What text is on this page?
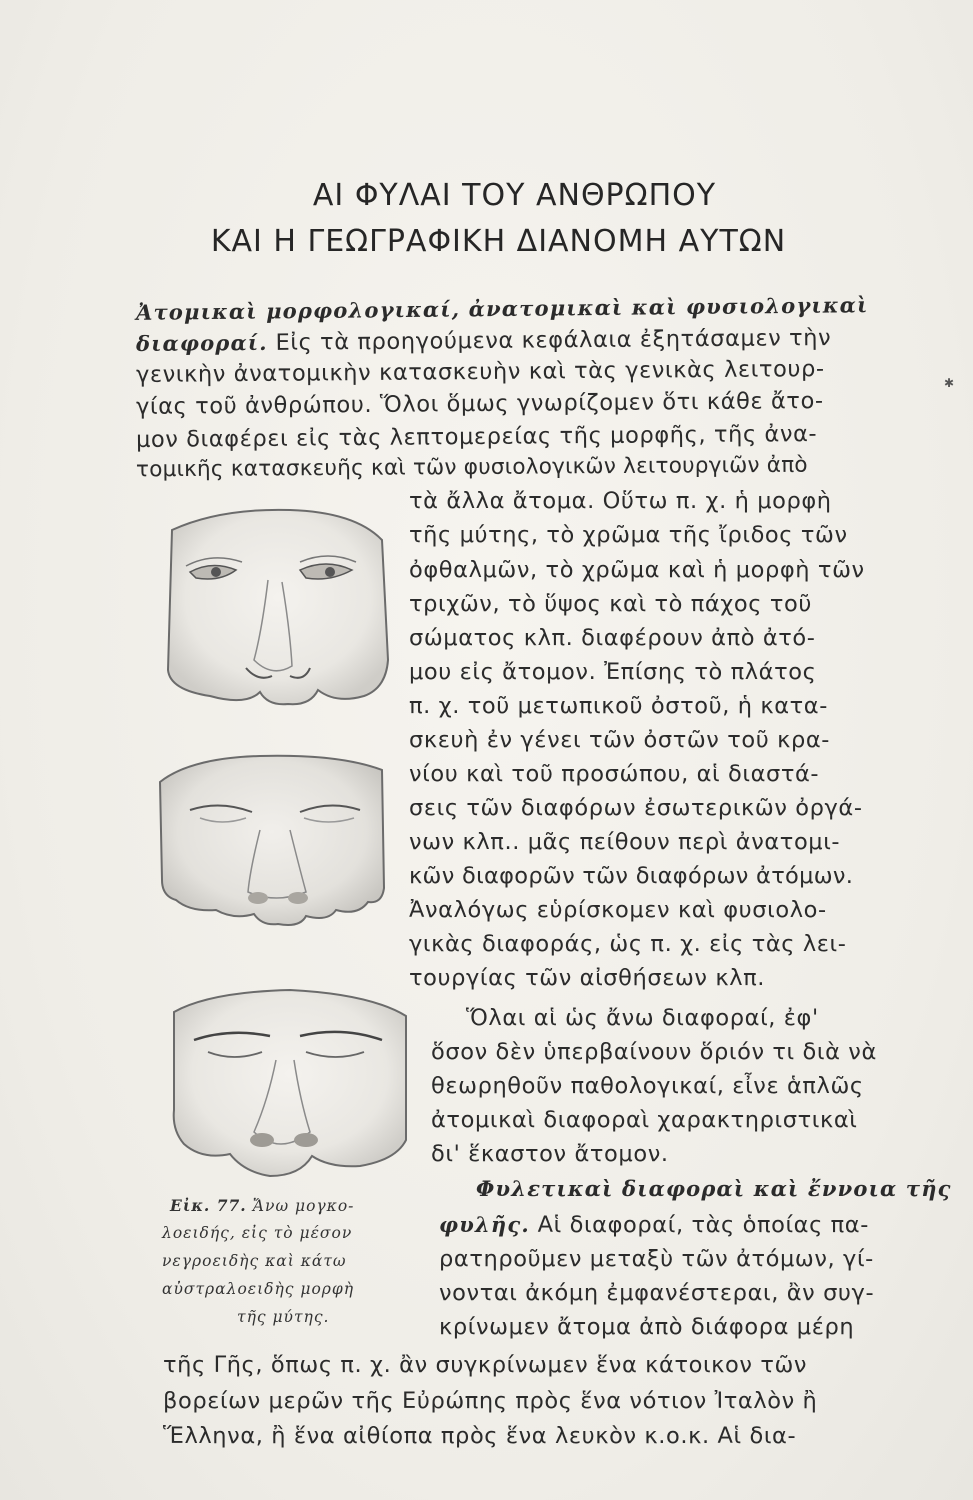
ΑΙ ΦΥΛΑΙ ΤΟΥ ΑΝΘΡΩΠΟΥ
ΚΑΙ Η ΓΕΩΓΡΑΦΙΚΗ ΔΙΑΝΟΜΗ ΑΥΤΩΝ
Ἀτομικαὶ μορφολογικαί, ἀνατομικαὶ καὶ φυσιολογικαὶ
διαφοραί. Εἰς τὰ προηγούμενα κεφάλαια ἐξητάσαμεν τὴν
γενικὴν ἀνατομικὴν κατασκευὴν καὶ τὰς γενικὰς λειτουρ-
γίας τοῦ ἀνθρώπου. Ὅλοι ὅμως γνωρίζομεν ὅτι κάθε ἄτο-
μον διαφέρει εἰς τὰς λεπτομερείας τῆς μορφῆς, τῆς ἀνα-
τομικῆς κατασκευῆς καὶ τῶν φυσιολογικῶν λειτουργιῶν ἀπὸ
τὰ ἄλλα ἄτομα. Οὕτω π. χ. ἡ μορφὴ
τῆς μύτης, τὸ χρῶμα τῆς ἴριδος τῶν
ὀφθαλμῶν, τὸ χρῶμα καὶ ἡ μορφὴ τῶν
τριχῶν, τὸ ὕψος καὶ τὸ πάχος τοῦ
σώματος κλπ. διαφέρουν ἀπὸ ἀτό-
μου εἰς ἄτομον. Ἐπίσης τὸ πλάτος
π. χ. τοῦ μετωπικοῦ ὀστοῦ, ἡ κατα-
σκευὴ ἐν γένει τῶν ὀστῶν τοῦ κρα-
νίου καὶ τοῦ προσώπου, αἱ διαστά-
σεις τῶν διαφόρων ἐσωτερικῶν ὀργά-
νων κλπ.. μᾶς πείθουν περὶ ἀνατομι-
κῶν διαφορῶν τῶν διαφόρων ἀτόμων.
Ἀναλόγως εὑρίσκομεν καὶ φυσιολο-
γικὰς διαφοράς, ὡς π. χ. εἰς τὰς λει-
τουργίας τῶν αἰσθήσεων κλπ.
Ὅλαι αἱ ὡς ἄνω διαφοραί, ἐφ'
ὅσον δὲν ὑπερβαίνουν ὅριόν τι διὰ νὰ
θεωρηθοῦν παθολογικαί, εἶνε ἁπλῶς
ἀτομικαὶ διαφοραὶ χαρακτηριστικαὶ
δι' ἕκαστον ἄτομον.
Φυλετικαὶ διαφοραὶ καὶ ἔννοια τῆς
φυλῆς. Αἱ διαφοραί, τὰς ὁποίας πα-
ρατηροῦμεν μεταξὺ τῶν ἀτόμων, γί-
νονται ἀκόμη ἐμφανέστεραι, ἂν συγ-
κρίνωμεν ἄτομα ἀπὸ διάφορα μέρη
τῆς Γῆς, ὅπως π. χ. ἂν συγκρίνωμεν ἕνα κάτοικον τῶν
βορείων μερῶν τῆς Εὐρώπης πρὸς ἕνα νότιον Ἰταλὸν ἢ
Ἕλληνα, ἢ ἕνα αἰθίοπα πρὸς ἕνα λευκὸν κ.ο.κ. Αἱ δια-
Εἰκ. 77. Ἄνω μογκο-
λοειδής, εἰς τὸ μέσον
νεγροειδὴς καὶ κάτω
αὐστραλοειδὴς μορφὴ
τῆς μύτης.
✱
